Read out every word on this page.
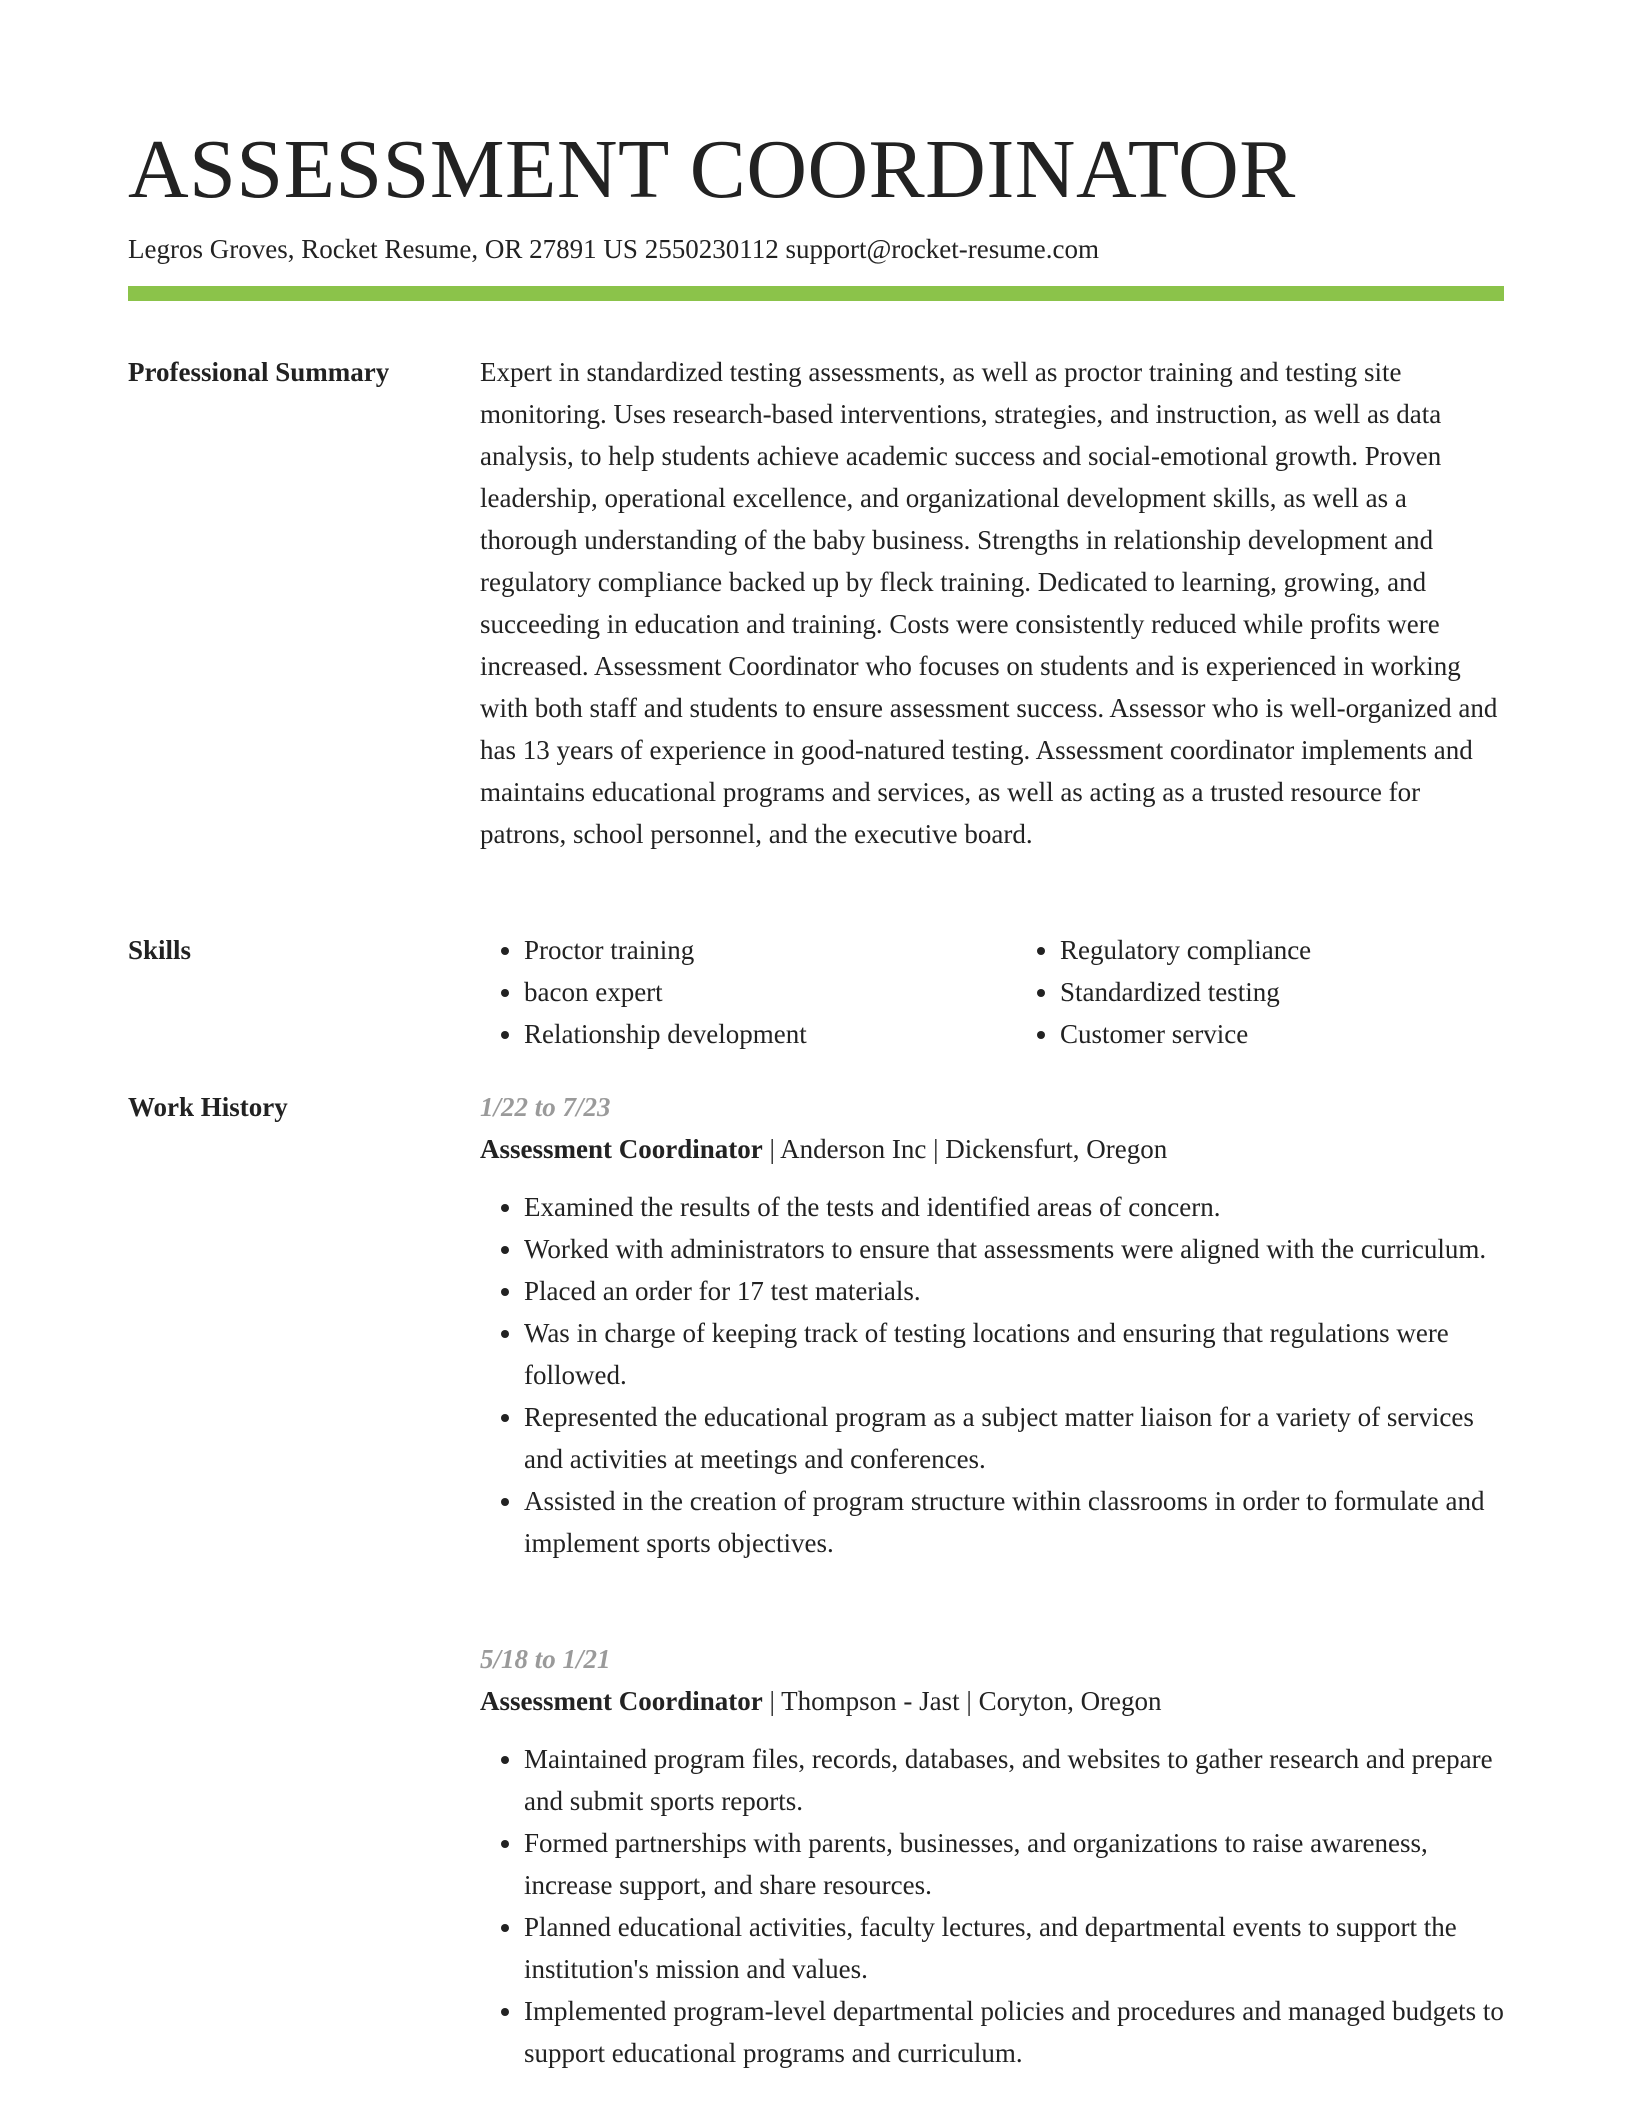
ASSESSMENT COORDINATOR
Legros Groves, Rocket Resume, OR 27891 US 2550230112 support@rocket-resume.com
Professional Summary	Expert in standardized testing assessments, as well as proctor training and testing site monitoring. Uses research-based interventions, strategies, and instruction, as well as data analysis, to help students achieve academic success and social-emotional growth. Proven leadership, operational excellence, and organizational development skills, as well as a thorough understanding of the baby business. Strengths in relationship development and regulatory compliance backed up by fleck training. Dedicated to learning, growing, and succeeding in education and training. Costs were consistently reduced while profits were increased. Assessment Coordinator who focuses on students and is experienced in working with both staff and students to ensure assessment success. Assessor who is well-organized and has 13 years of experience in good-natured testing. Assessment coordinator implements and maintains educational programs and services, as well as acting as a trusted resource for patrons, school personnel, and the executive board.

Skills
•	Proctor training
• bacon expert
• Relationship development
• Regulatory compliance
• Standardized testing
• Customer service
Work History	1/22 to 7/23
Assessment Coordinator | Anderson Inc | Dickensfurt, Oregon
• Examined the results of the tests and identified areas of concern.
• Worked with administrators to ensure that assessments were aligned with the curriculum.
• Placed an order for 17 test materials.
• Was in charge of keeping track of testing locations and ensuring that regulations were followed.
• Represented the educational program as a subject matter liaison for a variety of services and activities at meetings and conferences.
• Assisted in the creation of program structure within classrooms in order to formulate and implement sports objectives.
5/18 to 1/21
Assessment Coordinator | Thompson - Jast | Coryton, Oregon
• Maintained program files, records, databases, and websites to gather research and prepare and submit sports reports.
• Formed partnerships with parents, businesses, and organizations to raise awareness, increase support, and share resources.
• Planned educational activities, faculty lectures, and departmental events to support the institution's mission and values.
• Implemented program-level departmental policies and procedures and managed budgets to support educational programs and curriculum.
